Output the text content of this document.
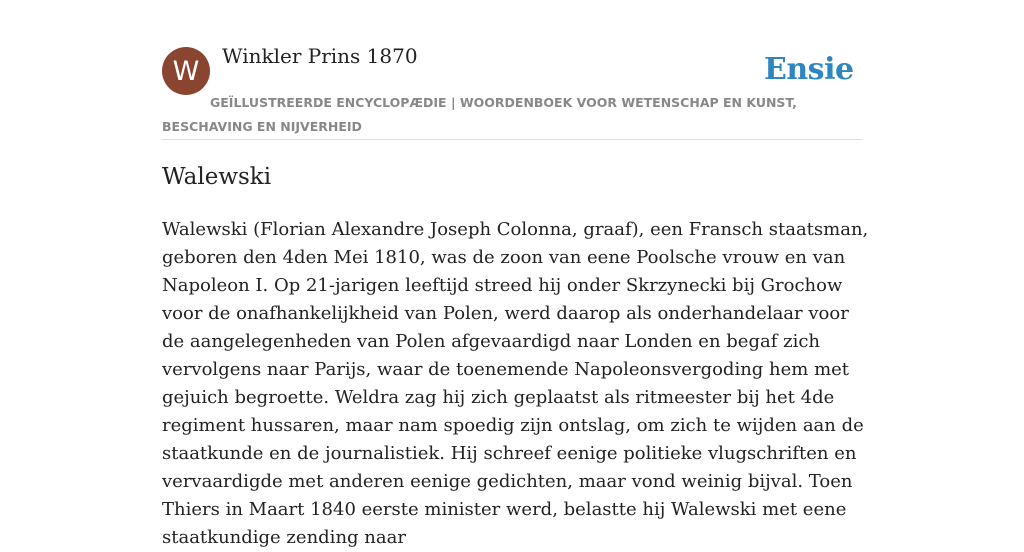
W	Winkler Prins 1870	Ensie
GEÏLLUSTREERDE ENCYCLOPÆDIE | WOORDENBOEK VOOR WETENSCHAP EN KUNST, BESCHAVING EN NIJVERHEID
Walewski
Walewski (Florian Alexandre Joseph Colonna, graaf), een Fransch staatsman, geboren den 4den Mei 1810, was de zoon van eene Poolsche vrouw en van Napoleon I. Op 21-jarigen leeftijd streed hij onder Skrzynecki bij Grochow voor de onafhankelijkheid van Polen, werd daarop als onderhandelaar voor de aangelegenheden van Polen afgevaardigd naar Londen en begaf zich vervolgens naar Parijs, waar de toenemende Napoleonsvergoding hem met gejuich begroette. Weldra zag hij zich geplaatst als ritmeester bij het 4de regiment hussaren, maar nam spoedig zijn ontslag, om zich te wijden aan de staatkunde en de journalistiek. Hij schreef eenige politieke vlugschriften en vervaardigde met anderen eenige gedichten, maar vond weinig bijval. Toen Thiers in Maart 1840 eerste minister werd, belastte hij Walewski met eene staatkundige zending naar
